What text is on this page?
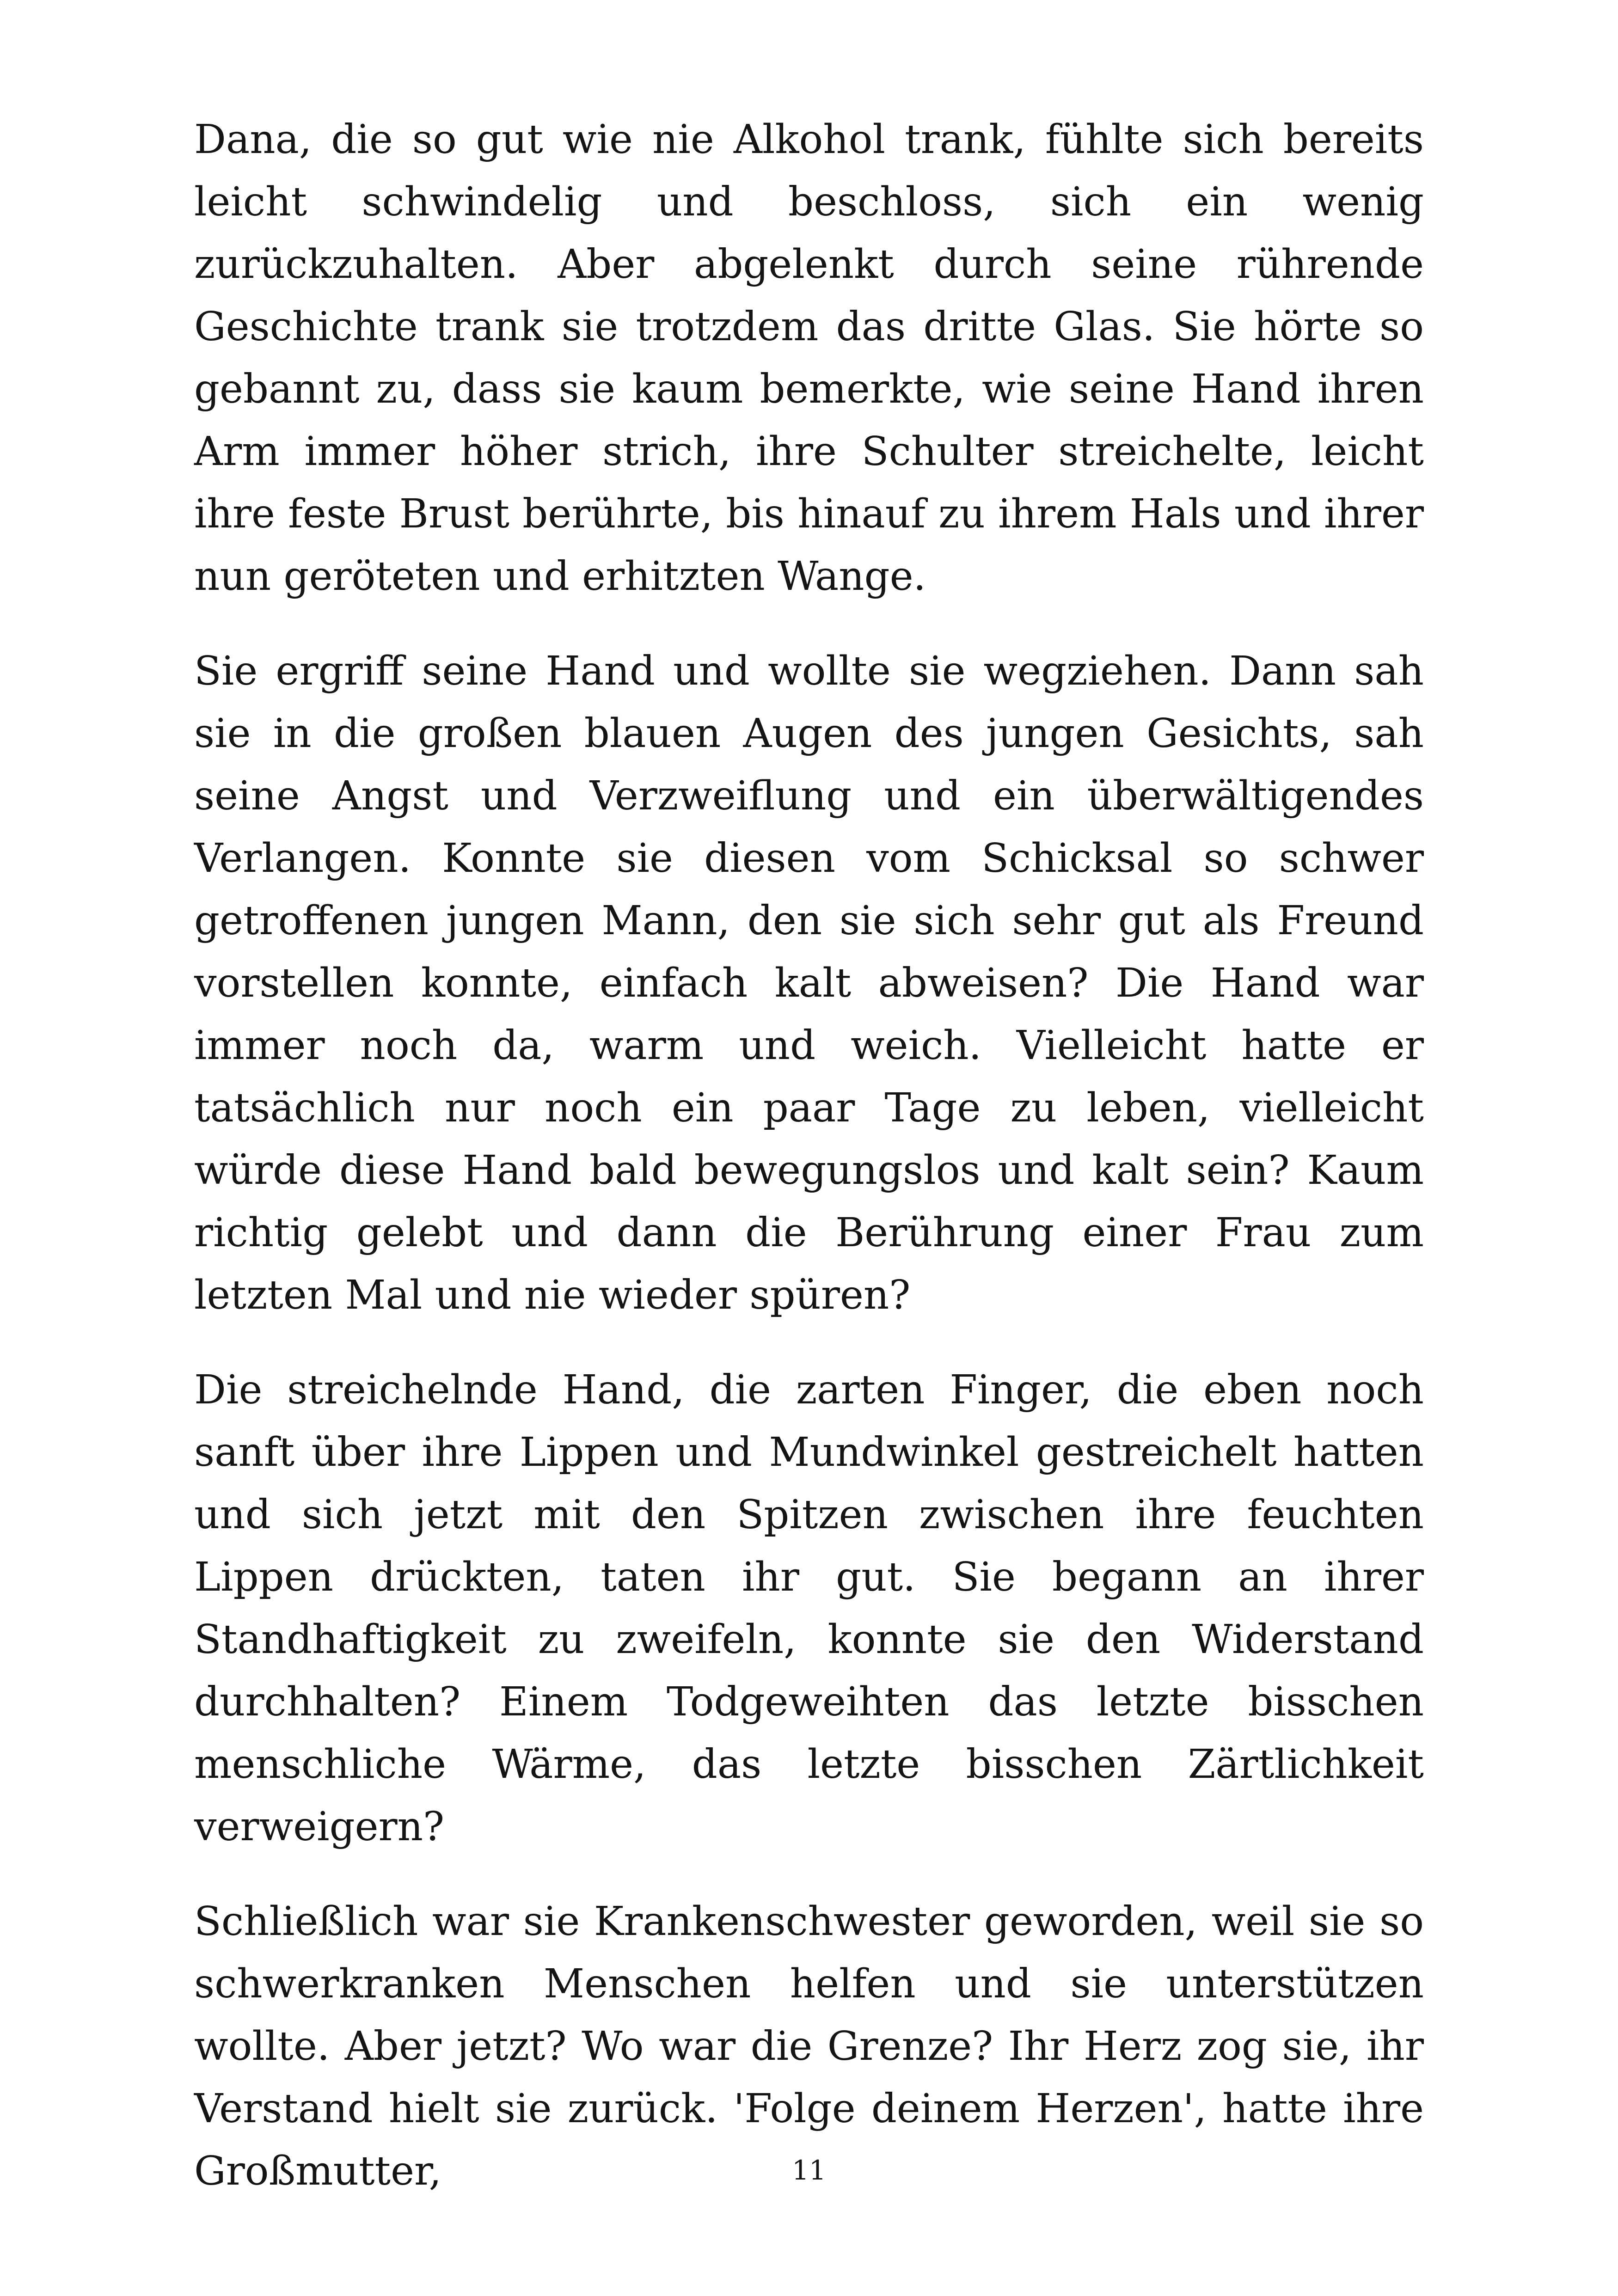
Dana, die so gut wie nie Alkohol trank, fühlte sich bereits leicht schwindelig und beschloss, sich ein wenig zurückzuhalten. Aber abgelenkt durch seine rührende Geschichte trank sie trotzdem das dritte Glas. Sie hörte so gebannt zu, dass sie kaum bemerkte, wie seine Hand ihren Arm immer höher strich, ihre Schulter streichelte, leicht ihre feste Brust berührte, bis hinauf zu ihrem Hals und ihrer nun geröteten und erhitzten Wange.

Sie ergriff seine Hand und wollte sie wegziehen. Dann sah sie in die großen blauen Augen des jungen Gesichts, sah seine Angst und Verzweiflung und ein überwältigendes Verlangen. Konnte sie diesen vom Schicksal so schwer getroffenen jungen Mann, den sie sich sehr gut als Freund vorstellen konnte, einfach kalt abweisen? Die Hand war immer noch da, warm und weich. Vielleicht hatte er tatsächlich nur noch ein paar Tage zu leben, vielleicht würde diese Hand bald bewegungslos und kalt sein? Kaum richtig gelebt und dann die Berührung einer Frau zum letzten Mal und nie wieder spüren?

Die streichelnde Hand, die zarten Finger, die eben noch sanft über ihre Lippen und Mundwinkel gestreichelt hatten und sich jetzt mit den Spitzen zwischen ihre feuchten Lippen drückten, taten ihr gut. Sie begann an ihrer Standhaftigkeit zu zweifeln, konnte sie den Widerstand durchhalten? Einem Todgeweihten das letzte bisschen menschliche Wärme, das letzte bisschen Zärtlichkeit verweigern?

Schließlich war sie Krankenschwester geworden, weil sie so schwerkranken Menschen helfen und sie unterstützen wollte. Aber jetzt? Wo war die Grenze? Ihr Herz zog sie, ihr Verstand hielt sie zurück. 'Folge deinem Herzen', hatte ihre Großmutter,	11
